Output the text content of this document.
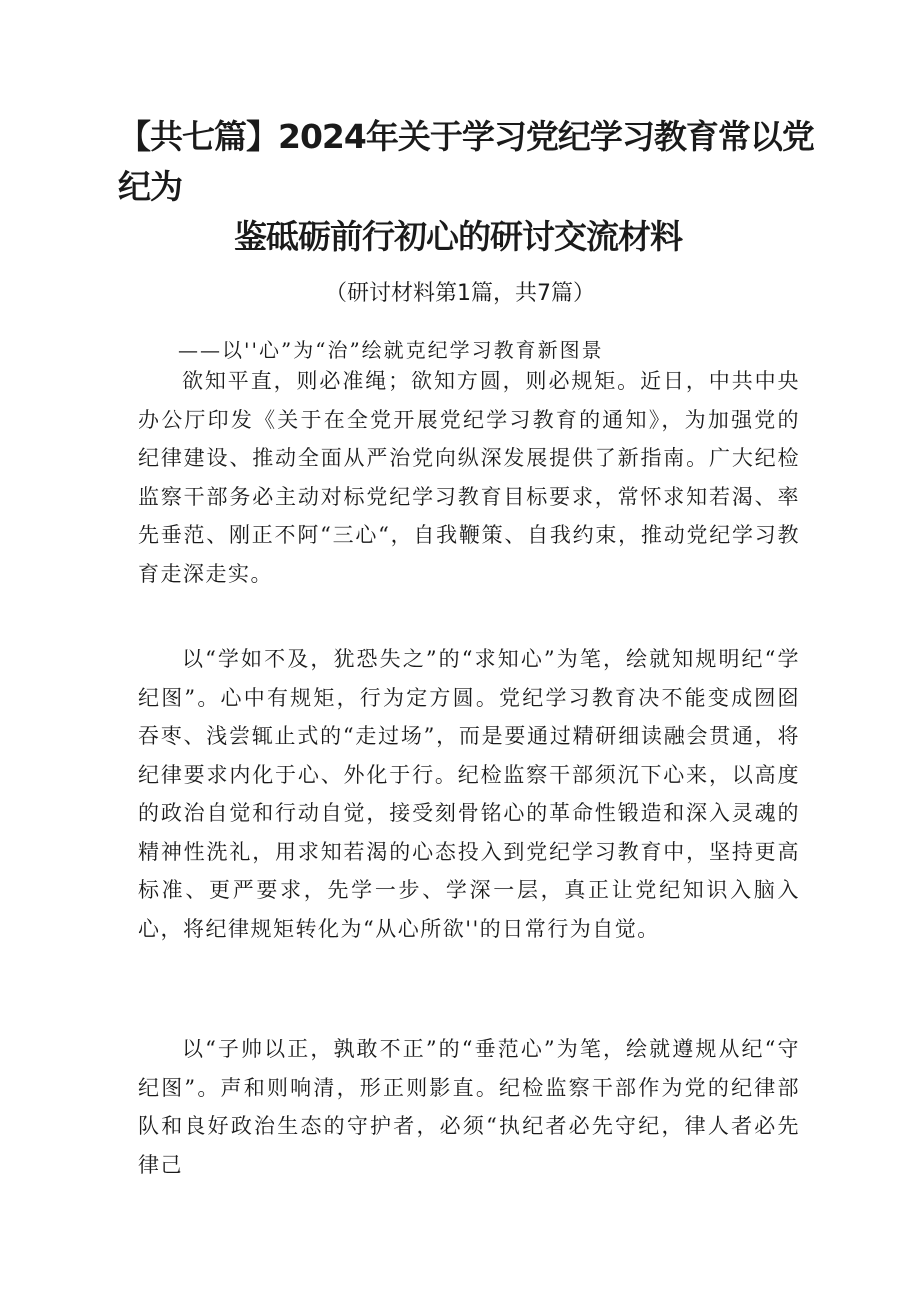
【共七篇】2024年关于学习党纪学习教育常以党纪为
鉴砥砺前行初心的研讨交流材料

（研讨材料第1篇，共7篇）

——以''心”为“治”绘就克纪学习教育新图景

欲知平直，则必准绳；欲知方圆，则必规矩。近日，中共中央办公厅印发《关于在全党开展党纪学习教育的通知》，为加强党的纪律建设、推动全面从严治党向纵深发展提供了新指南。广大纪检监察干部务必主动对标党纪学习教育目标要求，常怀求知若渴、率先垂范、刚正不阿“三心“，自我鞭策、自我约束，推动党纪学习教育走深走实。

以“学如不及，犹恐失之”的“求知心”为笔，绘就知规明纪“学纪图”。心中有规矩，行为定方圆。党纪学习教育决不能变成囫囵吞枣、浅尝辄止式的“走过场”，而是要通过精研细读融会贯通，将纪律要求内化于心、外化于行。纪检监察干部须沉下心来，以高度的政治自觉和行动自觉，接受刻骨铭心的革命性锻造和深入灵魂的精神性洗礼，用求知若渴的心态投入到党纪学习教育中，坚持更高标准、更严要求，先学一步、学深一层，真正让党纪知识入脑入心，将纪律规矩转化为“从心所欲''的日常行为自觉。

以“子帅以正，孰敢不正”的“垂范心”为笔，绘就遵规从纪“守纪图”。声和则响清，形正则影直。纪检监察干部作为党的纪律部队和良好政治生态的守护者，必须“执纪者必先守纪，律人者必先律己
